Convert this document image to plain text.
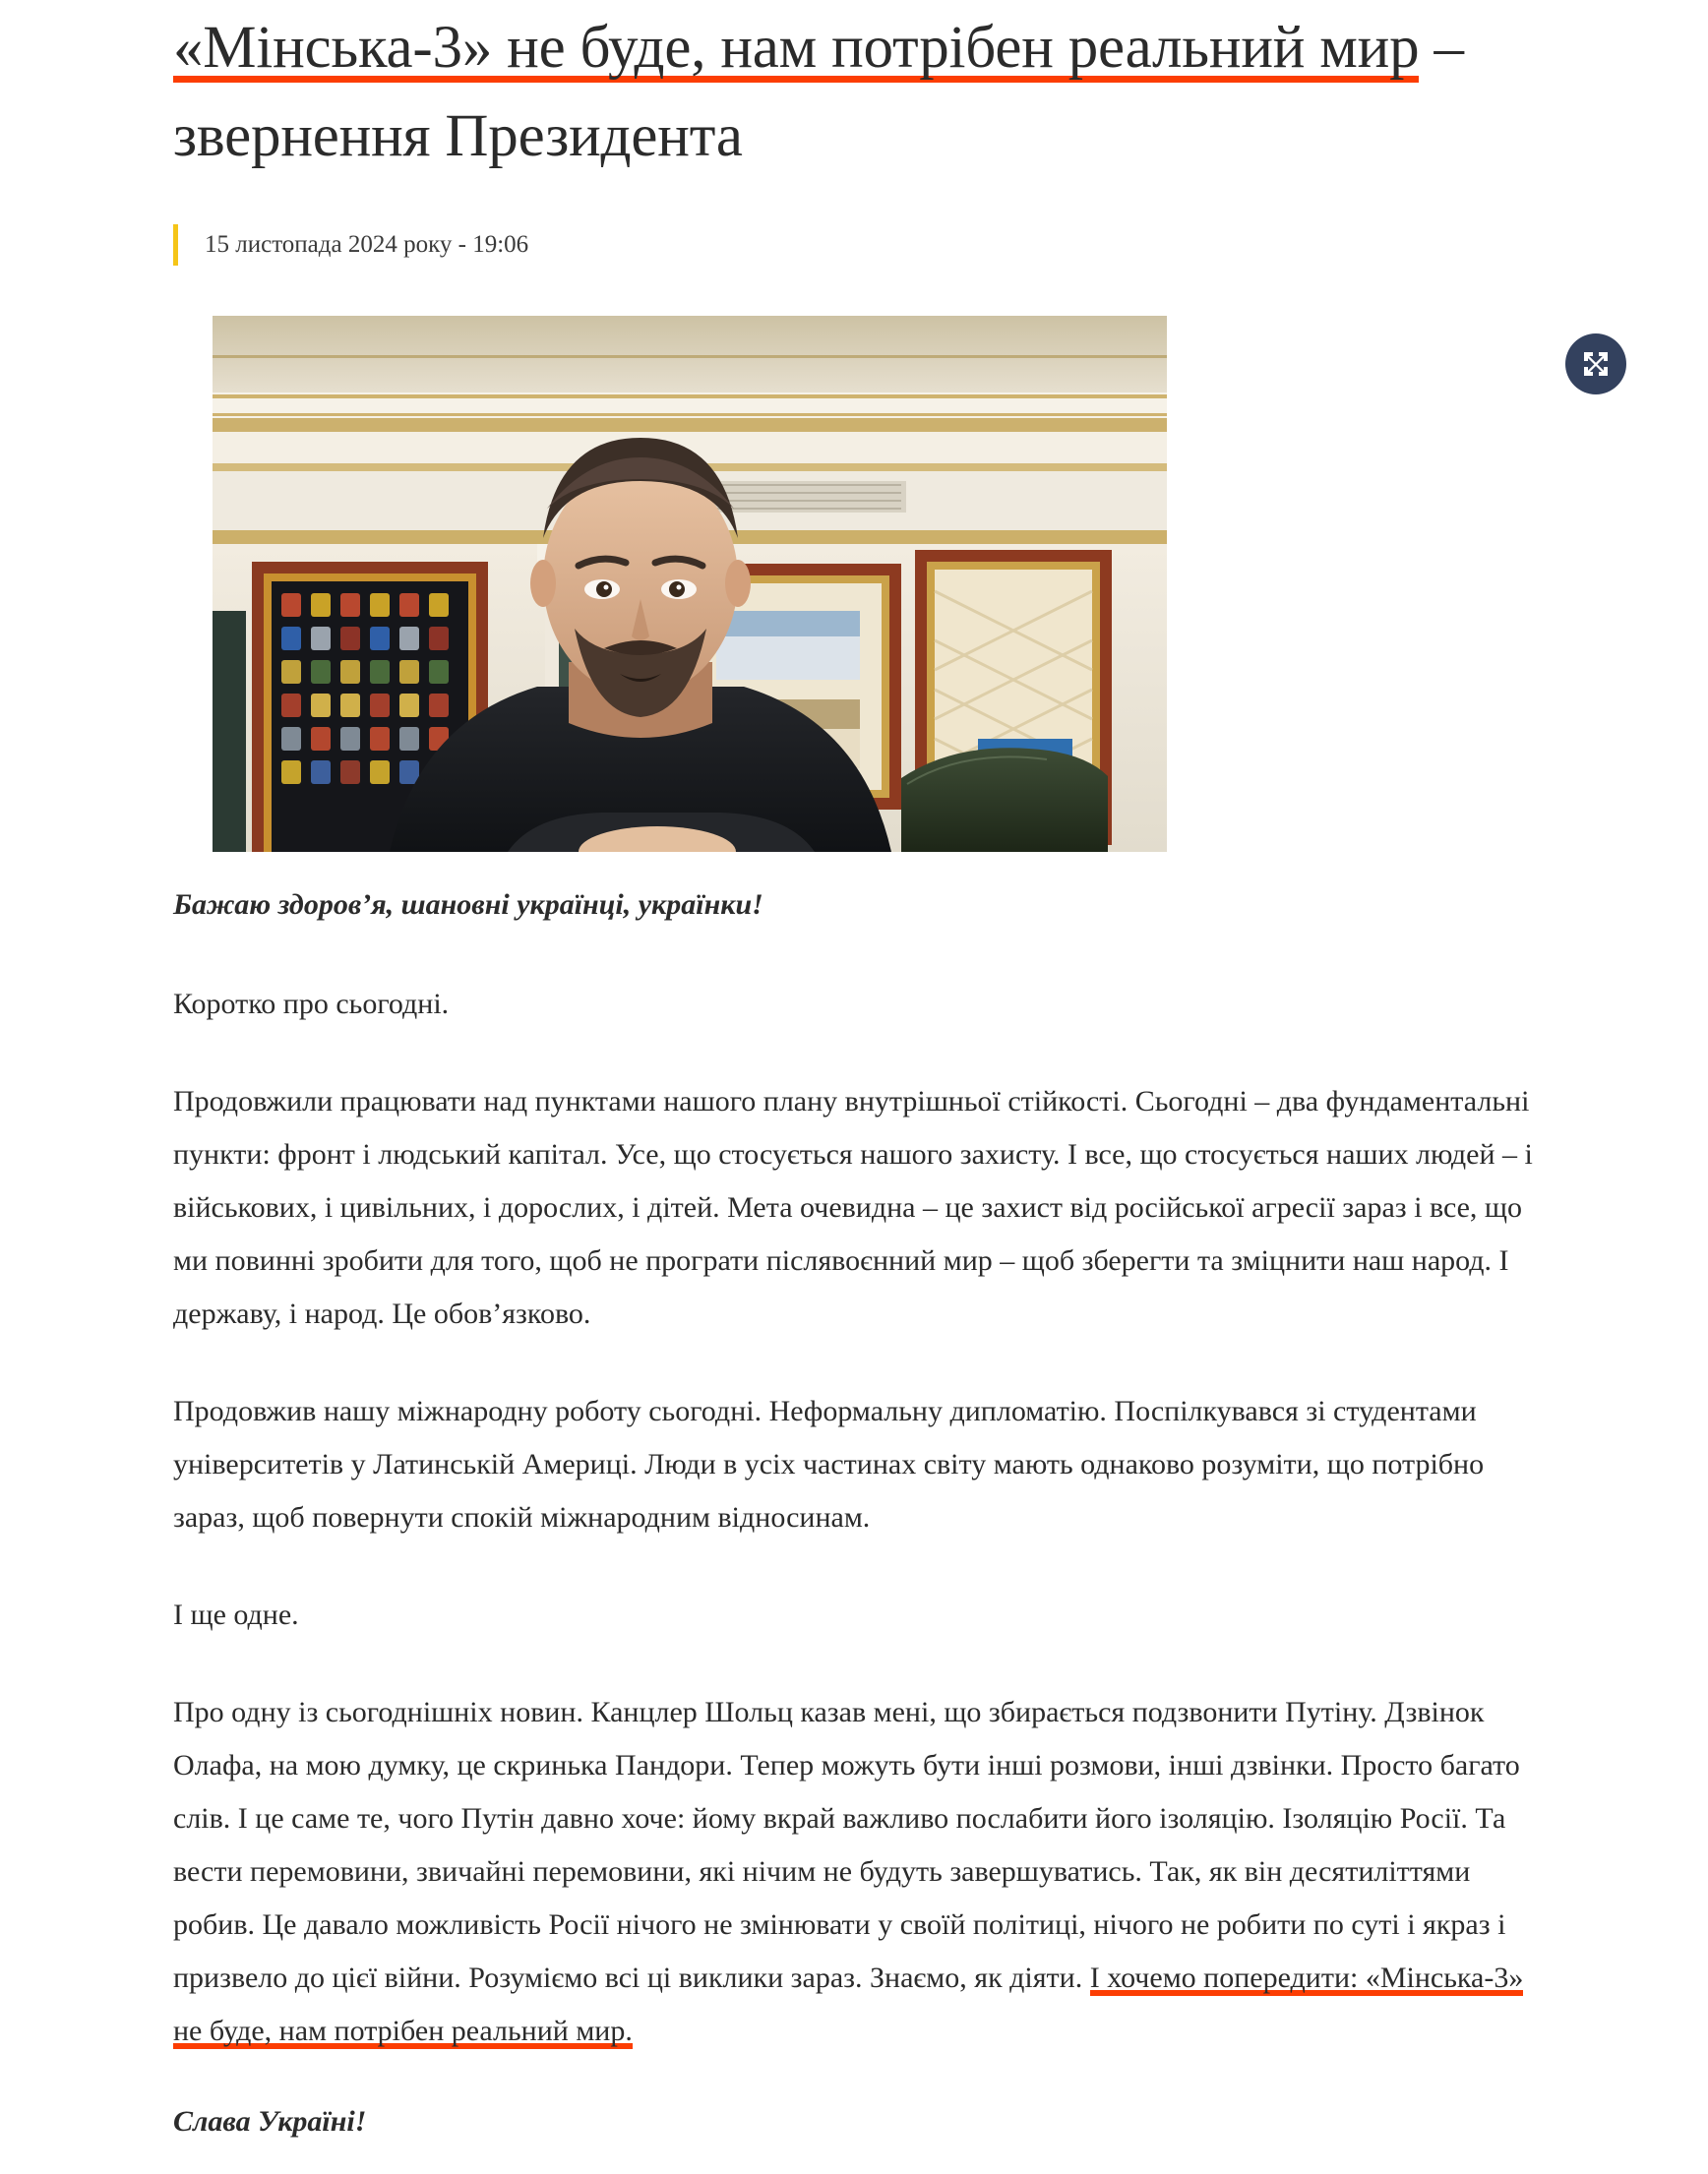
«Мінська-3» не буде, нам потрібен реальний мир – звернення Президента
15 листопада 2024 року - 19:06

Бажаю здоров’я, шановні українці, українки!

Коротко про сьогодні.

Продовжили працювати над пунктами нашого плану внутрішньої стійкості. Сьогодні – два фундаментальні пункти: фронт і людський капітал. Усе, що стосується нашого захисту. І все, що стосується наших людей – і військових, і цивільних, і дорослих, і дітей. Мета очевидна – це захист від російської агресії зараз і все, що ми повинні зробити для того, щоб не програти післявоєнний мир – щоб зберегти та зміцнити наш народ. І державу, і народ. Це обов’язково.

Продовжив нашу міжнародну роботу сьогодні. Неформальну дипломатію. Поспілкувався зі студентами університетів у Латинській Америці. Люди в усіх частинах світу мають однаково розуміти, що потрібно зараз, щоб повернути спокій міжнародним відносинам.

І ще одне.

Про одну із сьогоднішніх новин. Канцлер Шольц казав мені, що збирається подзвонити Путіну. Дзвінок Олафа, на мою думку, це скринька Пандори. Тепер можуть бути інші розмови, інші дзвінки. Просто багато слів. І це саме те, чого Путін давно хоче: йому вкрай важливо послабити його ізоляцію. Ізоляцію Росії. Та вести перемовини, звичайні перемовини, які нічим не будуть завершуватись. Так, як він десятиліттями робив. Це давало можливість Росії нічого не змінювати у своїй політиці, нічого не робити по суті і якраз і призвело до цієї війни. Розуміємо всі ці виклики зараз. Знаємо, як діяти. І хочемо попередити: «Мінська-3» не буде, нам потрібен реальний мир.

Слава Україні!
